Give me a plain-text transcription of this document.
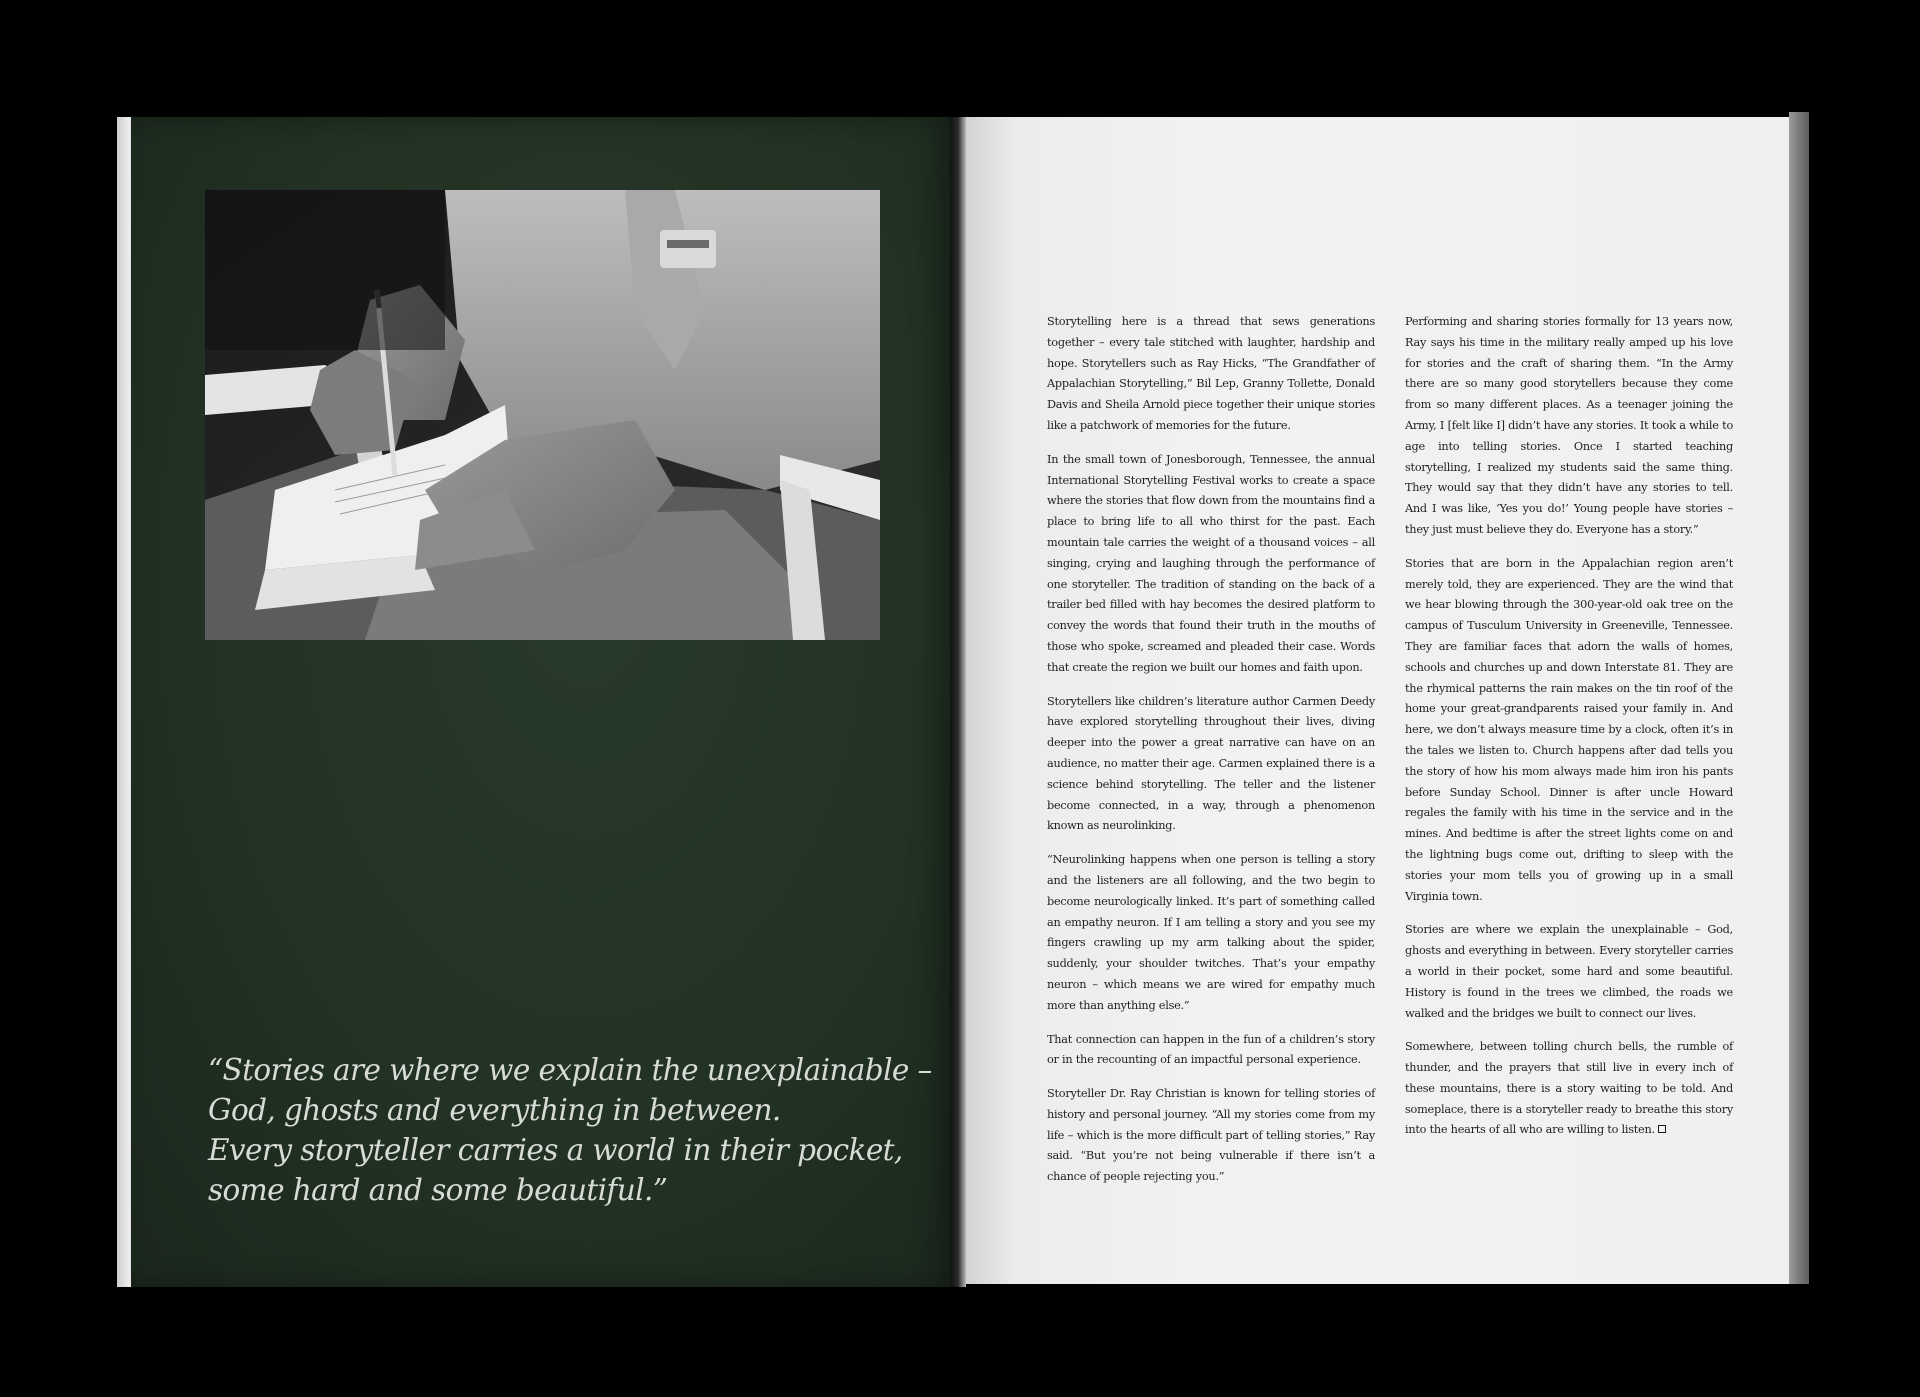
“Stories are where we explain the unexplainable –
God, ghosts and everything in between.
Every storyteller carries a world in their pocket,
some hard and some beautiful.”

Storytelling here is a thread that sews generations together – every tale stitched with laughter, hardship and hope. Storytellers such as Ray Hicks, “The Grandfather of Appalachian Storytelling,” Bil Lep, Granny Tollette, Donald Davis and Sheila Arnold piece together their unique stories like a patchwork of memories for the future.

In the small town of Jonesborough, Tennessee, the annual International Storytelling Festival works to create a space where the stories that flow down from the mountains find a place to bring life to all who thirst for the past. Each mountain tale carries the weight of a thousand voices – all singing, crying and laughing through the performance of one storyteller. The tradition of standing on the back of a trailer bed filled with hay becomes the desired platform to convey the words that found their truth in the mouths of those who spoke, screamed and pleaded their case. Words that create the region we built our homes and faith upon.

Storytellers like children’s literature author Carmen Deedy have explored storytelling throughout their lives, diving deeper into the power a great narrative can have on an audience, no matter their age. Carmen explained there is a science behind storytelling. The teller and the listener become connected, in a way, through a phenomenon known as neurolinking.

“Neurolinking happens when one person is telling a story and the listeners are all following, and the two begin to become neurologically linked. It’s part of something called an empathy neuron. If I am telling a story and you see my fingers crawling up my arm talking about the spider, suddenly, your shoulder twitches. That’s your empathy neuron – which means we are wired for empathy much more than anything else.”

That connection can happen in the fun of a children’s story or in the recounting of an impactful personal experience.

Storyteller Dr. Ray Christian is known for telling stories of history and personal journey. “All my stories come from my life – which is the more difficult part of telling stories,” Ray said. “But you’re not being vulnerable if there isn’t a chance of people rejecting you.”

Performing and sharing stories formally for 13 years now, Ray says his time in the military really amped up his love for stories and the craft of sharing them. “In the Army there are so many good storytellers because they come from so many different places. As a teenager joining the Army, I [felt like I] didn’t have any stories. It took a while to age into telling stories. Once I started teaching storytelling, I realized my students said the same thing. They would say that they didn’t have any stories to tell. And I was like, ‘Yes you do!’ Young people have stories – they just must believe they do. Everyone has a story.”

Stories that are born in the Appalachian region aren’t merely told, they are experienced. They are the wind that we hear blowing through the 300-year-old oak tree on the campus of Tusculum University in Greeneville, Tennessee. They are familiar faces that adorn the walls of homes, schools and churches up and down Interstate 81. They are the rhymical patterns the rain makes on the tin roof of the home your great-grandparents raised your family in. And here, we don’t always measure time by a clock, often it’s in the tales we listen to. Church happens after dad tells you the story of how his mom always made him iron his pants before Sunday School. Dinner is after uncle Howard regales the family with his time in the service and in the mines. And bedtime is after the street lights come on and the lightning bugs come out, drifting to sleep with the stories your mom tells you of growing up in a small Virginia town.

Stories are where we explain the unexplainable – God, ghosts and everything in between. Every storyteller carries a world in their pocket, some hard and some beautiful. History is found in the trees we climbed, the roads we walked and the bridges we built to connect our lives.

Somewhere, between tolling church bells, the rumble of thunder, and the prayers that still live in every inch of these mountains, there is a story waiting to be told. And someplace, there is a storyteller ready to breathe this story into the hearts of all who are willing to listen.
